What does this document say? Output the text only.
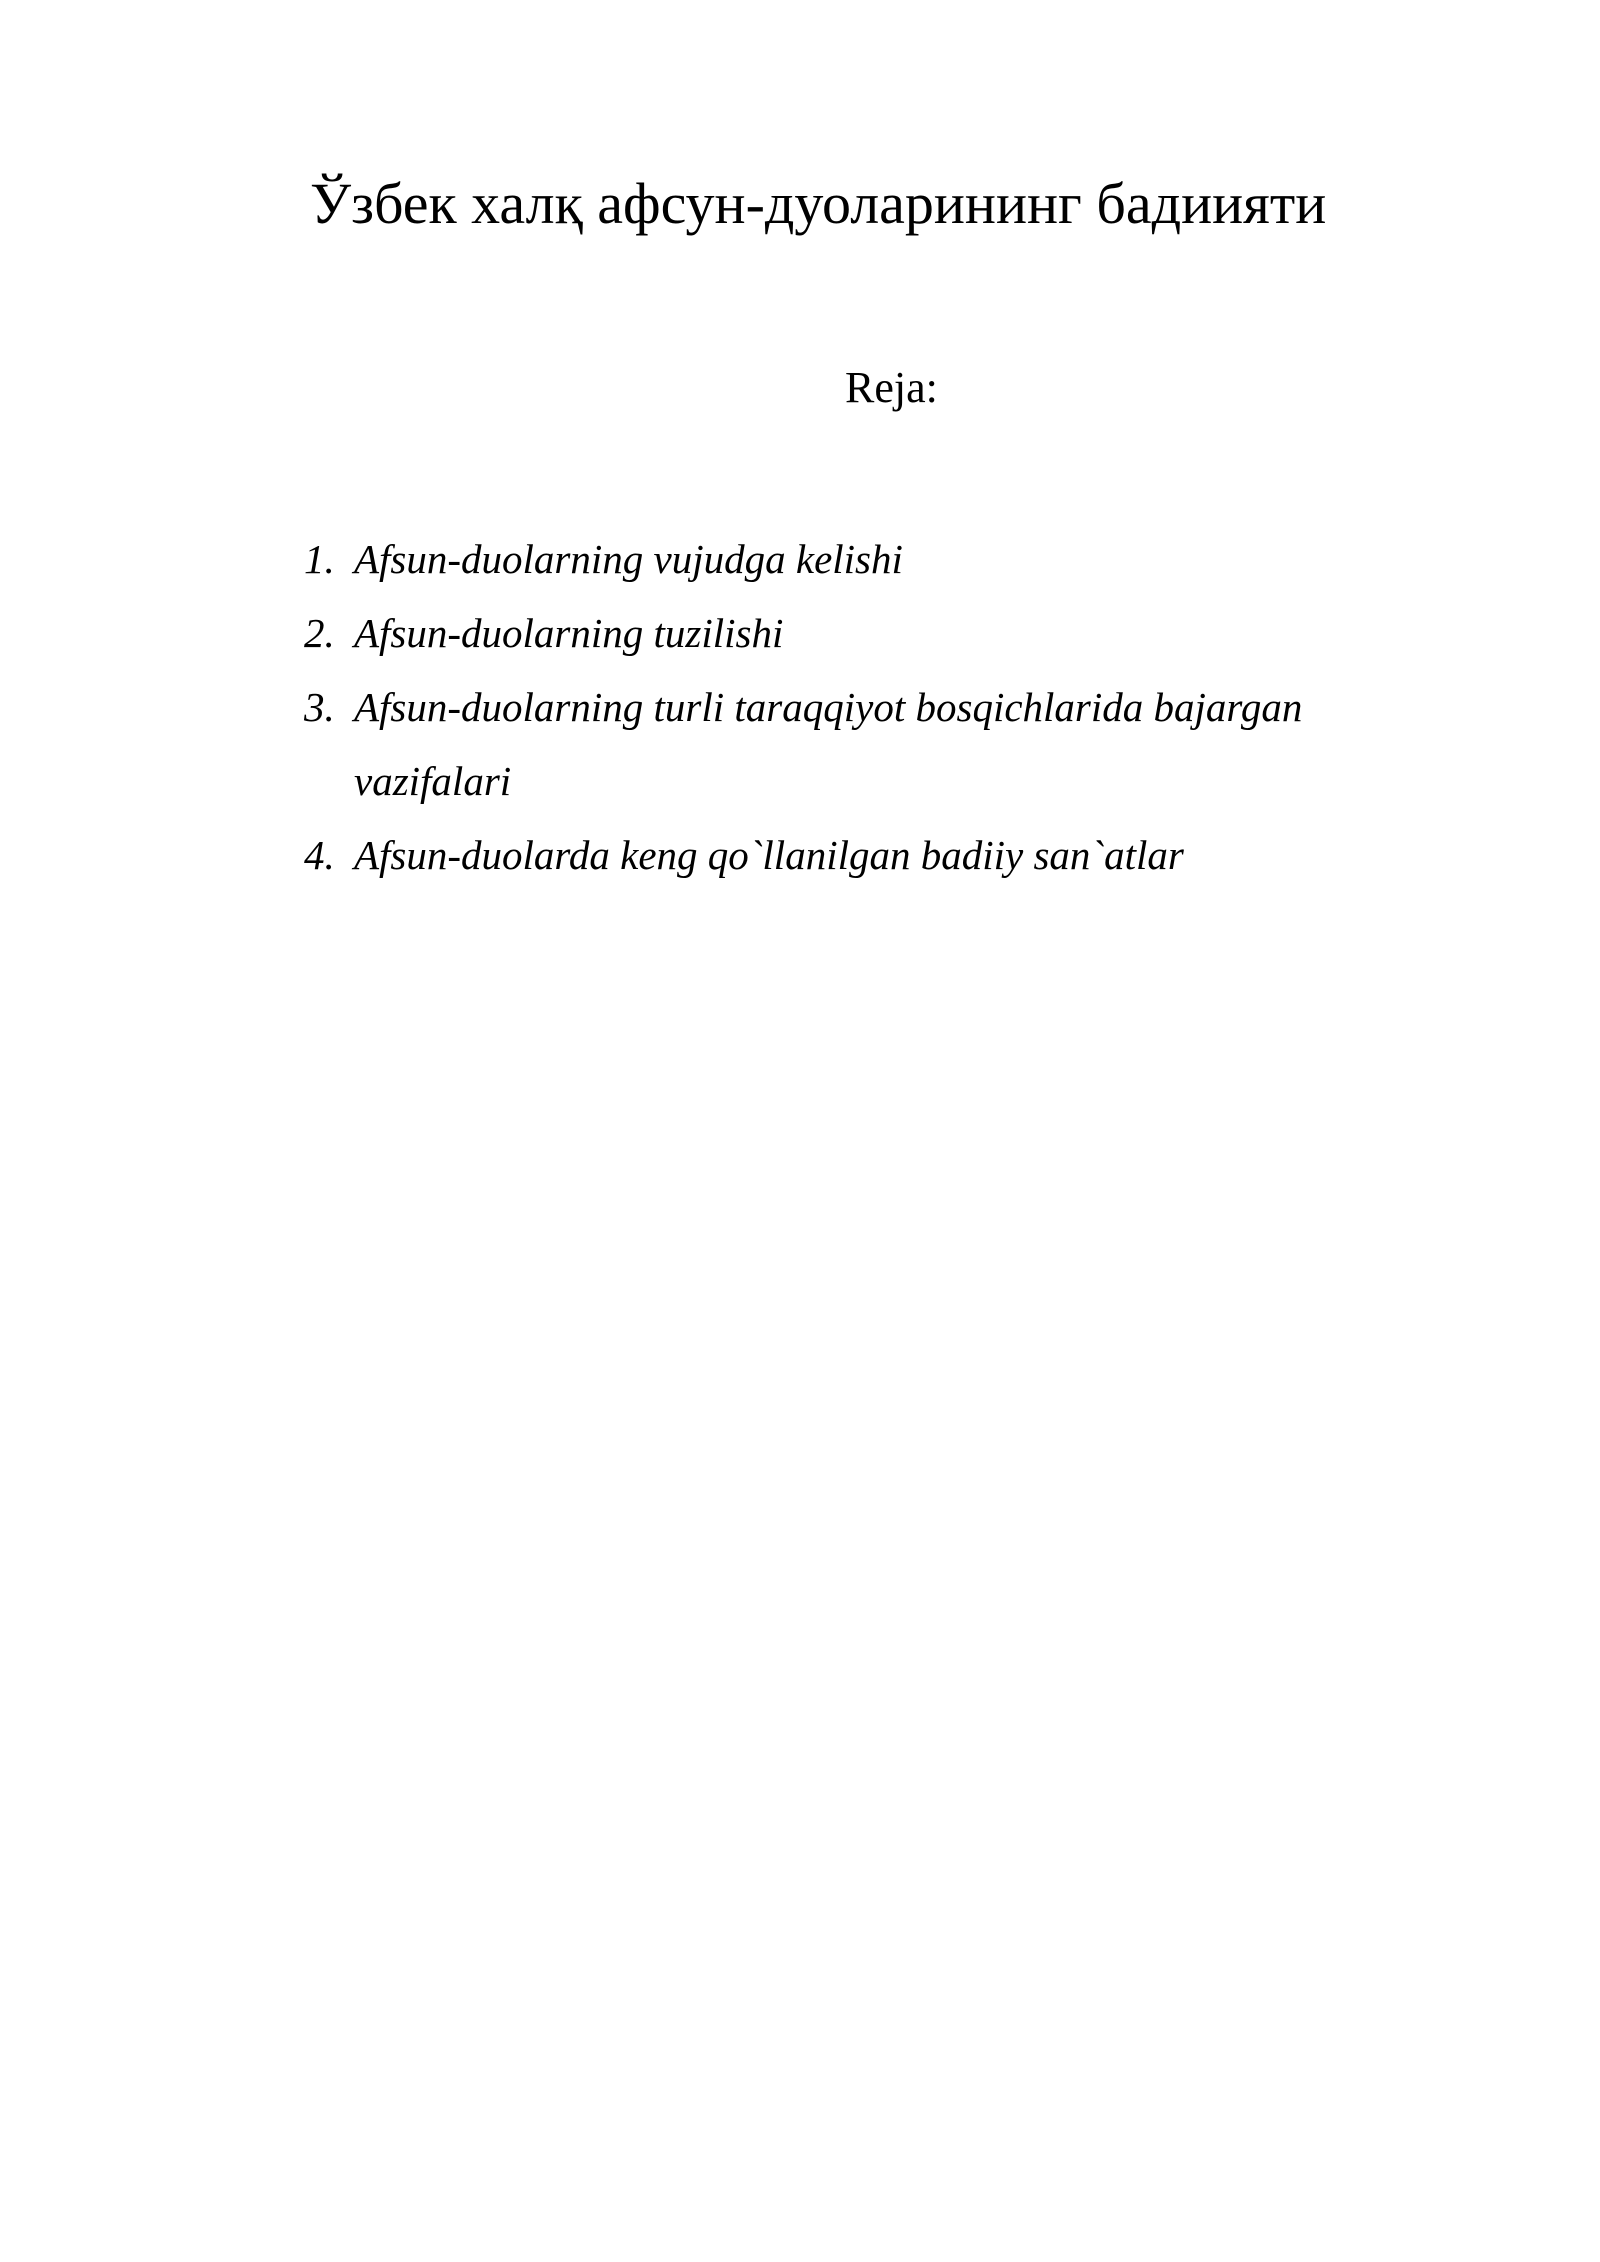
Ўзбек халқ афсун-дуоларининг бадиияти
Reja:
1. Afsun-duolarning vujudga kelishi
2. Afsun-duolarning tuzilishi
3. Afsun-duolarning turli taraqqiyot bosqichlarida bajargan vazifalari
4. Afsun-duolarda keng qo`llanilgan badiiy san`atlar
